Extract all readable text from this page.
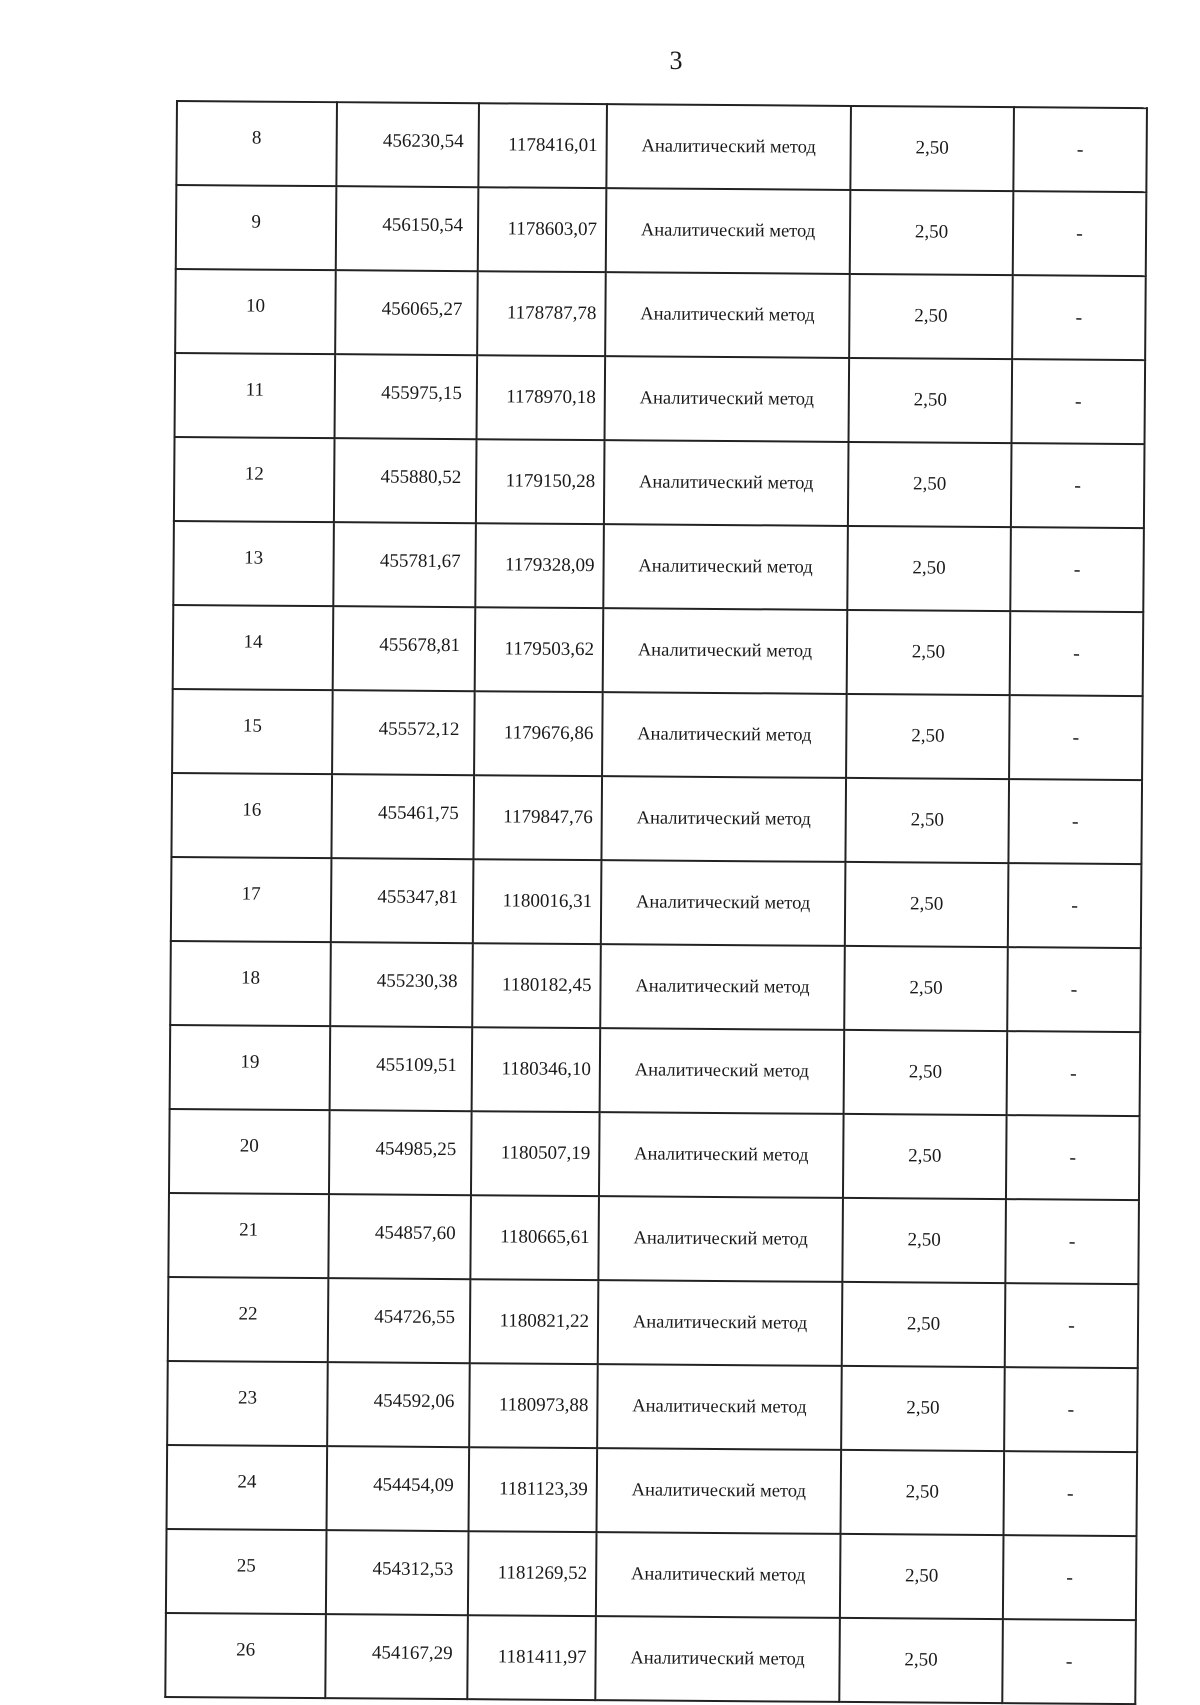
3
8	456230,54	1178416,01	Аналитический метод	2,50	-
9	456150,54	1178603,07	Аналитический метод	2,50	-
10	456065,27	1178787,78	Аналитический метод	2,50	-
11	455975,15	1178970,18	Аналитический метод	2,50	-
12	455880,52	1179150,28	Аналитический метод	2,50	-
13	455781,67	1179328,09	Аналитический метод	2,50	-
14	455678,81	1179503,62	Аналитический метод	2,50	-
15	455572,12	1179676,86	Аналитический метод	2,50	-
16	455461,75	1179847,76	Аналитический метод	2,50	-
17	455347,81	1180016,31	Аналитический метод	2,50	-
18	455230,38	1180182,45	Аналитический метод	2,50	-
19	455109,51	1180346,10	Аналитический метод	2,50	-
20	454985,25	1180507,19	Аналитический метод	2,50	-
21	454857,60	1180665,61	Аналитический метод	2,50	-
22	454726,55	1180821,22	Аналитический метод	2,50	-
23	454592,06	1180973,88	Аналитический метод	2,50	-
24	454454,09	1181123,39	Аналитический метод	2,50	-
25	454312,53	1181269,52	Аналитический метод	2,50	-
26	454167,29	1181411,97	Аналитический метод	2,50	-
